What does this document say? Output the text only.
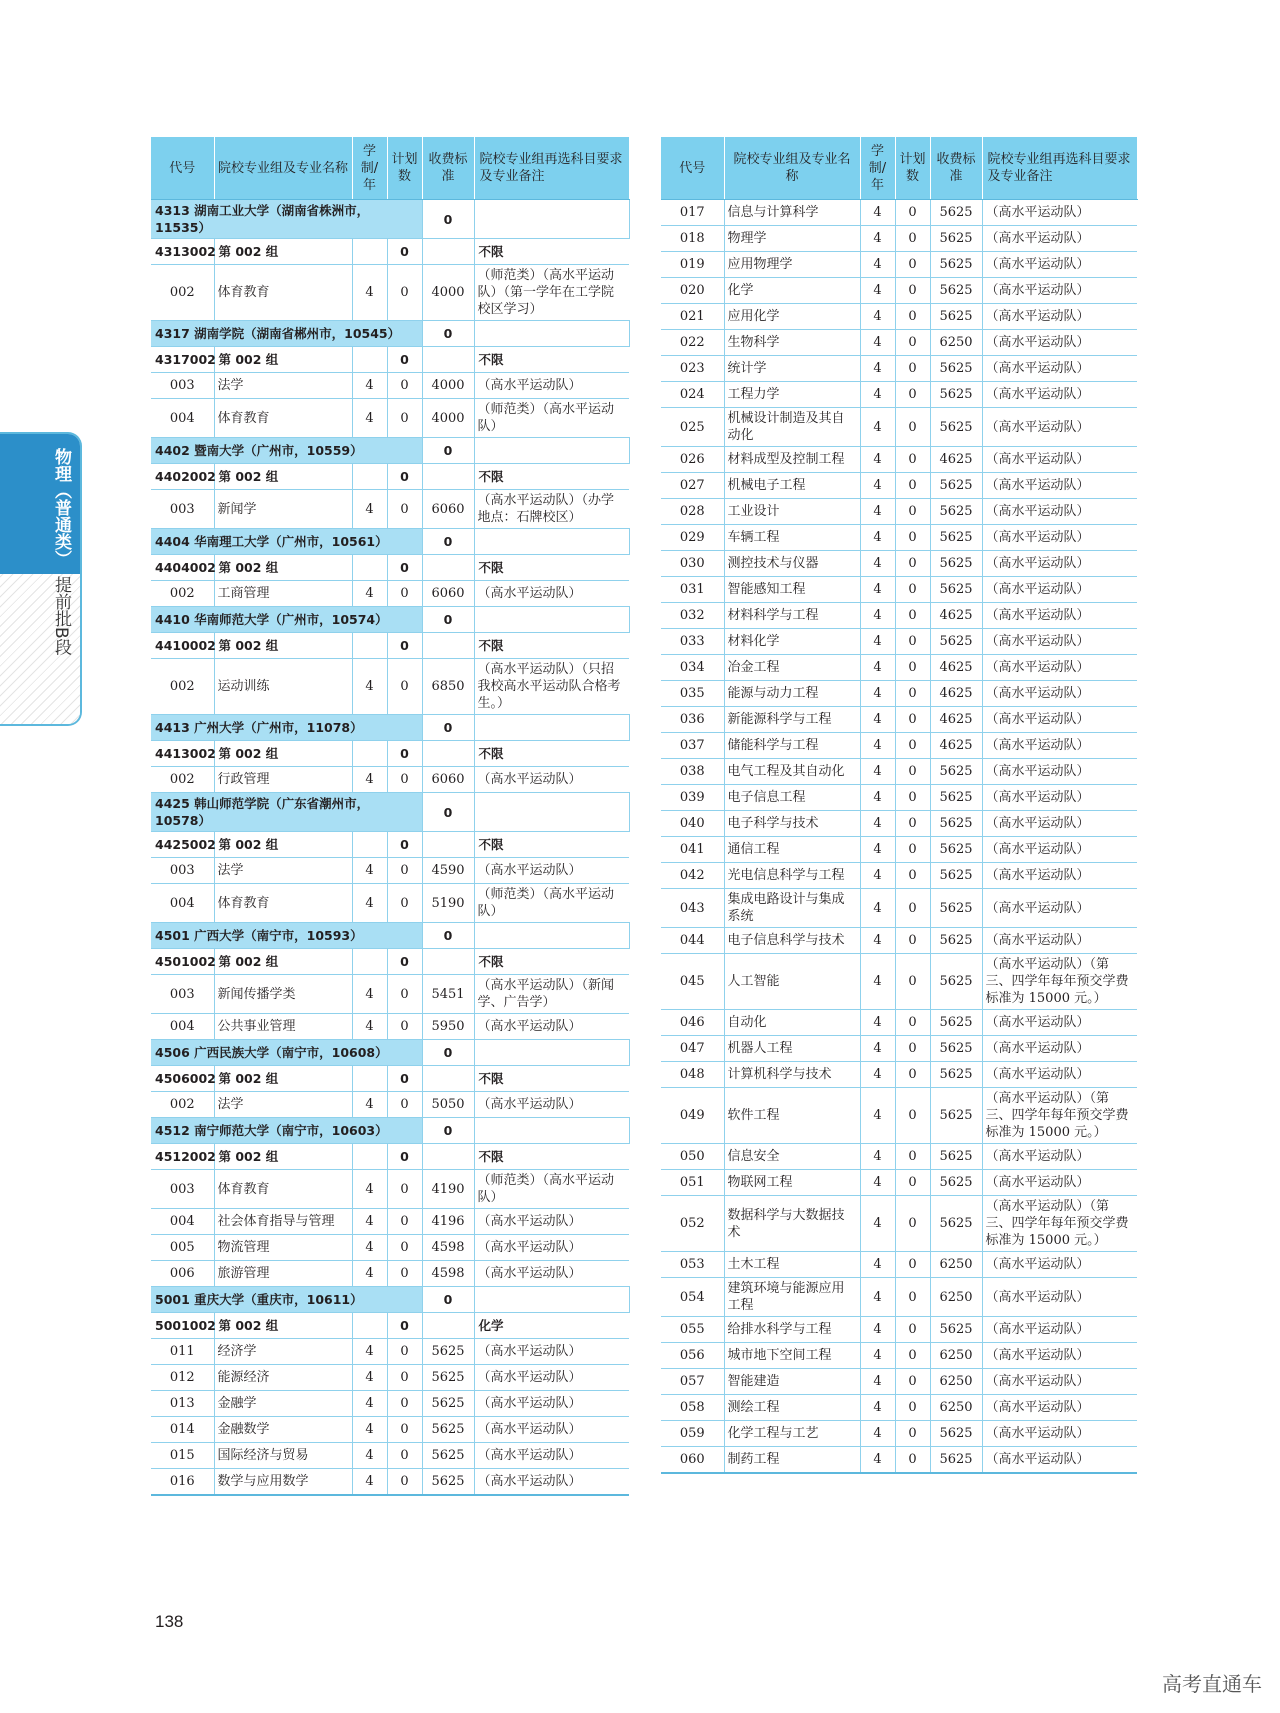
物理（普通类）
提前批B段
代号	院校专业组及专业名称	学制/年	计划数	收费标准	院校专业组再选科目要求及专业备注	
4313 湖南工业大学（湖南省株洲市，11535）				0		
4313002	第 002 组		0		不限	
002	体育教育	4	0	4000	（师范类）（高水平运动队）（第一学年在工学院校区学习）	
4317 湖南学院（湖南省郴州市，10545）				0		
4317002	第 002 组		0		不限	
003	法学	4	0	4000	（高水平运动队）	
004	体育教育	4	0	4000	（师范类）（高水平运动队）	
4402 暨南大学（广州市，10559）				0		
4402002	第 002 组		0		不限	
003	新闻学	4	0	6060	（高水平运动队）（办学地点：石牌校区）	
4404 华南理工大学（广州市，10561）				0		
4404002	第 002 组		0		不限	
002	工商管理	4	0	6060	（高水平运动队）	
4410 华南师范大学（广州市，10574）				0		
4410002	第 002 组		0		不限	
002	运动训练	4	0	6850	（高水平运动队）（只招我校高水平运动队合格考生。）	
4413 广州大学（广州市，11078）				0		
4413002	第 002 组		0		不限	
002	行政管理	4	0	6060	（高水平运动队）	
4425 韩山师范学院（广东省潮州市，10578）				0		
4425002	第 002 组		0		不限	
003	法学	4	0	4590	（高水平运动队）	
004	体育教育	4	0	5190	（师范类）（高水平运动队）	
4501 广西大学（南宁市，10593）				0		
4501002	第 002 组		0		不限	
003	新闻传播学类	4	0	5451	（高水平运动队）（新闻学、广告学）	
004	公共事业管理	4	0	5950	（高水平运动队）	
4506 广西民族大学（南宁市，10608）				0		
4506002	第 002 组		0		不限	
002	法学	4	0	5050	（高水平运动队）	
4512 南宁师范大学（南宁市，10603）				0		
4512002	第 002 组		0		不限	
003	体育教育	4	0	4190	（师范类）（高水平运动队）	
004	社会体育指导与管理	4	0	4196	（高水平运动队）	
005	物流管理	4	0	4598	（高水平运动队）	
006	旅游管理	4	0	4598	（高水平运动队）	
5001 重庆大学（重庆市，10611）				0		
5001002	第 002 组		0		化学	
011	经济学	4	0	5625	（高水平运动队）	
012	能源经济	4	0	5625	（高水平运动队）	
013	金融学	4	0	5625	（高水平运动队）	
014	金融数学	4	0	5625	（高水平运动队）	
015	国际经济与贸易	4	0	5625	（高水平运动队）	
016	数学与应用数学	4	0	5625	（高水平运动队）	
代号	院校专业组及专业名称	学制/年	计划数	收费标准	院校专业组再选科目要求及专业备注
017	信息与计算科学	4	0	5625	（高水平运动队）
018	物理学	4	0	5625	（高水平运动队）
019	应用物理学	4	0	5625	（高水平运动队）
020	化学	4	0	5625	（高水平运动队）
021	应用化学	4	0	5625	（高水平运动队）
022	生物科学	4	0	6250	（高水平运动队）
023	统计学	4	0	5625	（高水平运动队）
024	工程力学	4	0	5625	（高水平运动队）
025	机械设计制造及其自动化	4	0	5625	（高水平运动队）
026	材料成型及控制工程	4	0	4625	（高水平运动队）
027	机械电子工程	4	0	5625	（高水平运动队）
028	工业设计	4	0	5625	（高水平运动队）
029	车辆工程	4	0	5625	（高水平运动队）
030	测控技术与仪器	4	0	5625	（高水平运动队）
031	智能感知工程	4	0	5625	（高水平运动队）
032	材料科学与工程	4	0	4625	（高水平运动队）
033	材料化学	4	0	5625	（高水平运动队）
034	冶金工程	4	0	4625	（高水平运动队）
035	能源与动力工程	4	0	4625	（高水平运动队）
036	新能源科学与工程	4	0	4625	（高水平运动队）
037	储能科学与工程	4	0	4625	（高水平运动队）
038	电气工程及其自动化	4	0	5625	（高水平运动队）
039	电子信息工程	4	0	5625	（高水平运动队）
040	电子科学与技术	4	0	5625	（高水平运动队）
041	通信工程	4	0	5625	（高水平运动队）
042	光电信息科学与工程	4	0	5625	（高水平运动队）
043	集成电路设计与集成系统	4	0	5625	（高水平运动队）
044	电子信息科学与技术	4	0	5625	（高水平运动队）
045	人工智能	4	0	5625	（高水平运动队）（第三、四学年每年预交学费标准为 15000 元。）
046	自动化	4	0	5625	（高水平运动队）
047	机器人工程	4	0	5625	（高水平运动队）
048	计算机科学与技术	4	0	5625	（高水平运动队）
049	软件工程	4	0	5625	（高水平运动队）（第三、四学年每年预交学费标准为 15000 元。）
050	信息安全	4	0	5625	（高水平运动队）
051	物联网工程	4	0	5625	（高水平运动队）
052	数据科学与大数据技术	4	0	5625	（高水平运动队）（第三、四学年每年预交学费标准为 15000 元。）
053	土木工程	4	0	6250	（高水平运动队）
054	建筑环境与能源应用工程	4	0	6250	（高水平运动队）
055	给排水科学与工程	4	0	5625	（高水平运动队）
056	城市地下空间工程	4	0	6250	（高水平运动队）
057	智能建造	4	0	6250	（高水平运动队）
058	测绘工程	4	0	6250	（高水平运动队）
059	化学工程与工艺	4	0	5625	（高水平运动队）
060	制药工程	4	0	5625	（高水平运动队）
138
高考直通车
